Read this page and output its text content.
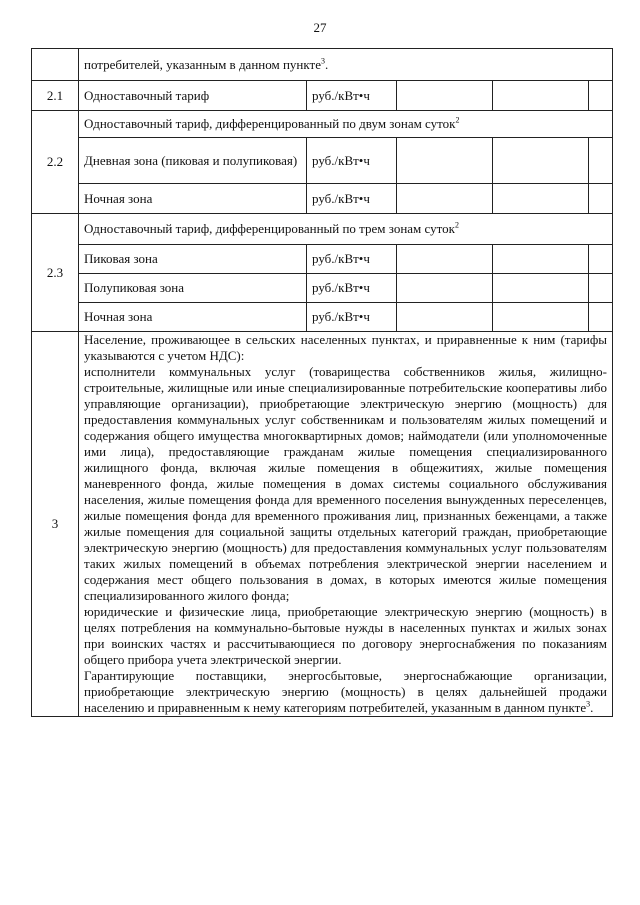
27
	потребителей, указанным в данном пункте$^3$.				
2.1	Одноставочный тариф	руб./кВт•ч			
2.2	Одноставочный тариф, дифференцированный по двум зонам суток$^2$
	Дневная зона (пиковая и полупиковая)	руб./кВт•ч			
	Ночная зона	руб./кВт•ч			
2.3	Одноставочный тариф, дифференцированный по трем зонам суток$^2$
	Пиковая зона	руб./кВт•ч			
	Полупиковая зона	руб./кВт•ч			
	Ночная зона	руб./кВт•ч			
3	Население, проживающее в сельских населенных пунктах, и приравненные к ним (тарифы указываются с учетом НДС):
исполнители коммунальных услуг (товарищества собственников жилья, жилищно-строительные, жилищные или иные специализированные потребительские кооперативы либо управляющие организации), приобретающие электрическую энергию (мощность) для предоставления коммунальных услуг собственникам и пользователям жилых помещений и содержания общего имущества многоквартирных домов; наймодатели (или уполномоченные ими лица), предоставляющие гражданам жилые помещения специализированного жилищного фонда, включая жилые помещения в общежитиях, жилые помещения маневренного фонда, жилые помещения в домах системы социального обслуживания населения, жилые помещения фонда для временного поселения вынужденных переселенцев, жилые помещения фонда для временного проживания лиц, признанных беженцами, а также жилые помещения для социальной защиты отдельных категорий граждан, приобретающие электрическую энергию (мощность) для предоставления коммунальных услуг пользователям таких жилых помещений в объемах потребления электрической энергии населением и содержания мест общего пользования в домах, в которых имеются жилые помещения специализированного жилого фонда;
юридические и физические лица, приобретающие электрическую энергию (мощность) в целях потребления на коммунально-бытовые нужды в населенных пунктах и жилых зонах при воинских частях и рассчитывающиеся по договору энергоснабжения по показаниям общего прибора учета электрической энергии.
Гарантирующие поставщики, энергосбытовые, энергоснабжающие организации, приобретающие электрическую энергию (мощность) в целях дальнейшей продажи населению и приравненным к нему категориям потребителей, указанным в данном пункте$^3$.				
